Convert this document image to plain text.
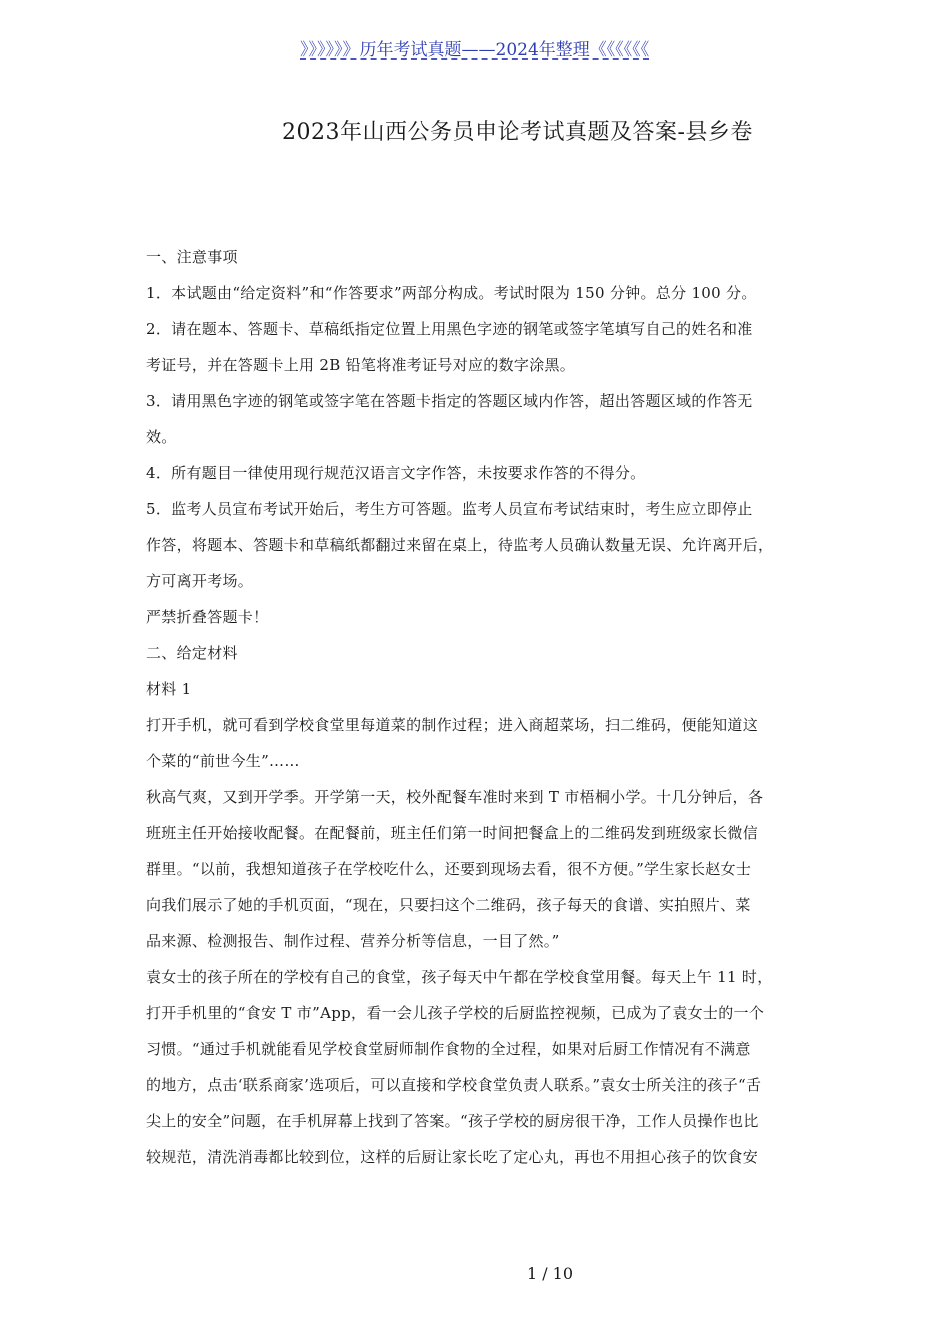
》》》》》》历年考试真题——2024年整理《《《《《《
2023年山西公务员申论考试真题及答案-县乡卷
一、注意事项
1．本试题由“给定资料”和“作答要求”两部分构成。考试时限为 150 分钟。总分 100 分。
2．请在题本、答题卡、草稿纸指定位置上用黑色字迹的钢笔或签字笔填写自己的姓名和准
考证号，并在答题卡上用 2B 铅笔将准考证号对应的数字涂黑。
3．请用黑色字迹的钢笔或签字笔在答题卡指定的答题区域内作答，超出答题区域的作答无
效。
4．所有题目一律使用现行规范汉语言文字作答，未按要求作答的不得分。
5．监考人员宣布考试开始后，考生方可答题。监考人员宣布考试结束时，考生应立即停止
作答，将题本、答题卡和草稿纸都翻过来留在桌上，待监考人员确认数量无误、允许离开后，
方可离开考场。
严禁折叠答题卡！
二、给定材料
材料 1
打开手机，就可看到学校食堂里每道菜的制作过程；进入商超菜场，扫二维码，便能知道这
个菜的“前世今生”……
秋高气爽，又到开学季。开学第一天，校外配餐车准时来到 T 市梧桐小学。十几分钟后，各
班班主任开始接收配餐。在配餐前，班主任们第一时间把餐盒上的二维码发到班级家长微信
群里。“以前，我想知道孩子在学校吃什么，还要到现场去看，很不方便。”学生家长赵女士
向我们展示了她的手机页面，“现在，只要扫这个二维码，孩子每天的食谱、实拍照片、菜
品来源、检测报告、制作过程、营养分析等信息，一目了然。”
袁女士的孩子所在的学校有自己的食堂，孩子每天中午都在学校食堂用餐。每天上午 11 时，
打开手机里的“食安 T 市”App，看一会儿孩子学校的后厨监控视频，已成为了袁女士的一个
习惯。“通过手机就能看见学校食堂厨师制作食物的全过程，如果对后厨工作情况有不满意
的地方，点击‘联系商家’选项后，可以直接和学校食堂负责人联系。”袁女士所关注的孩子“舌
尖上的安全”问题，在手机屏幕上找到了答案。“孩子学校的厨房很干净，工作人员操作也比
较规范，清洗消毒都比较到位，这样的后厨让家长吃了定心丸，再也不用担心孩子的饮食安
1 / 10
